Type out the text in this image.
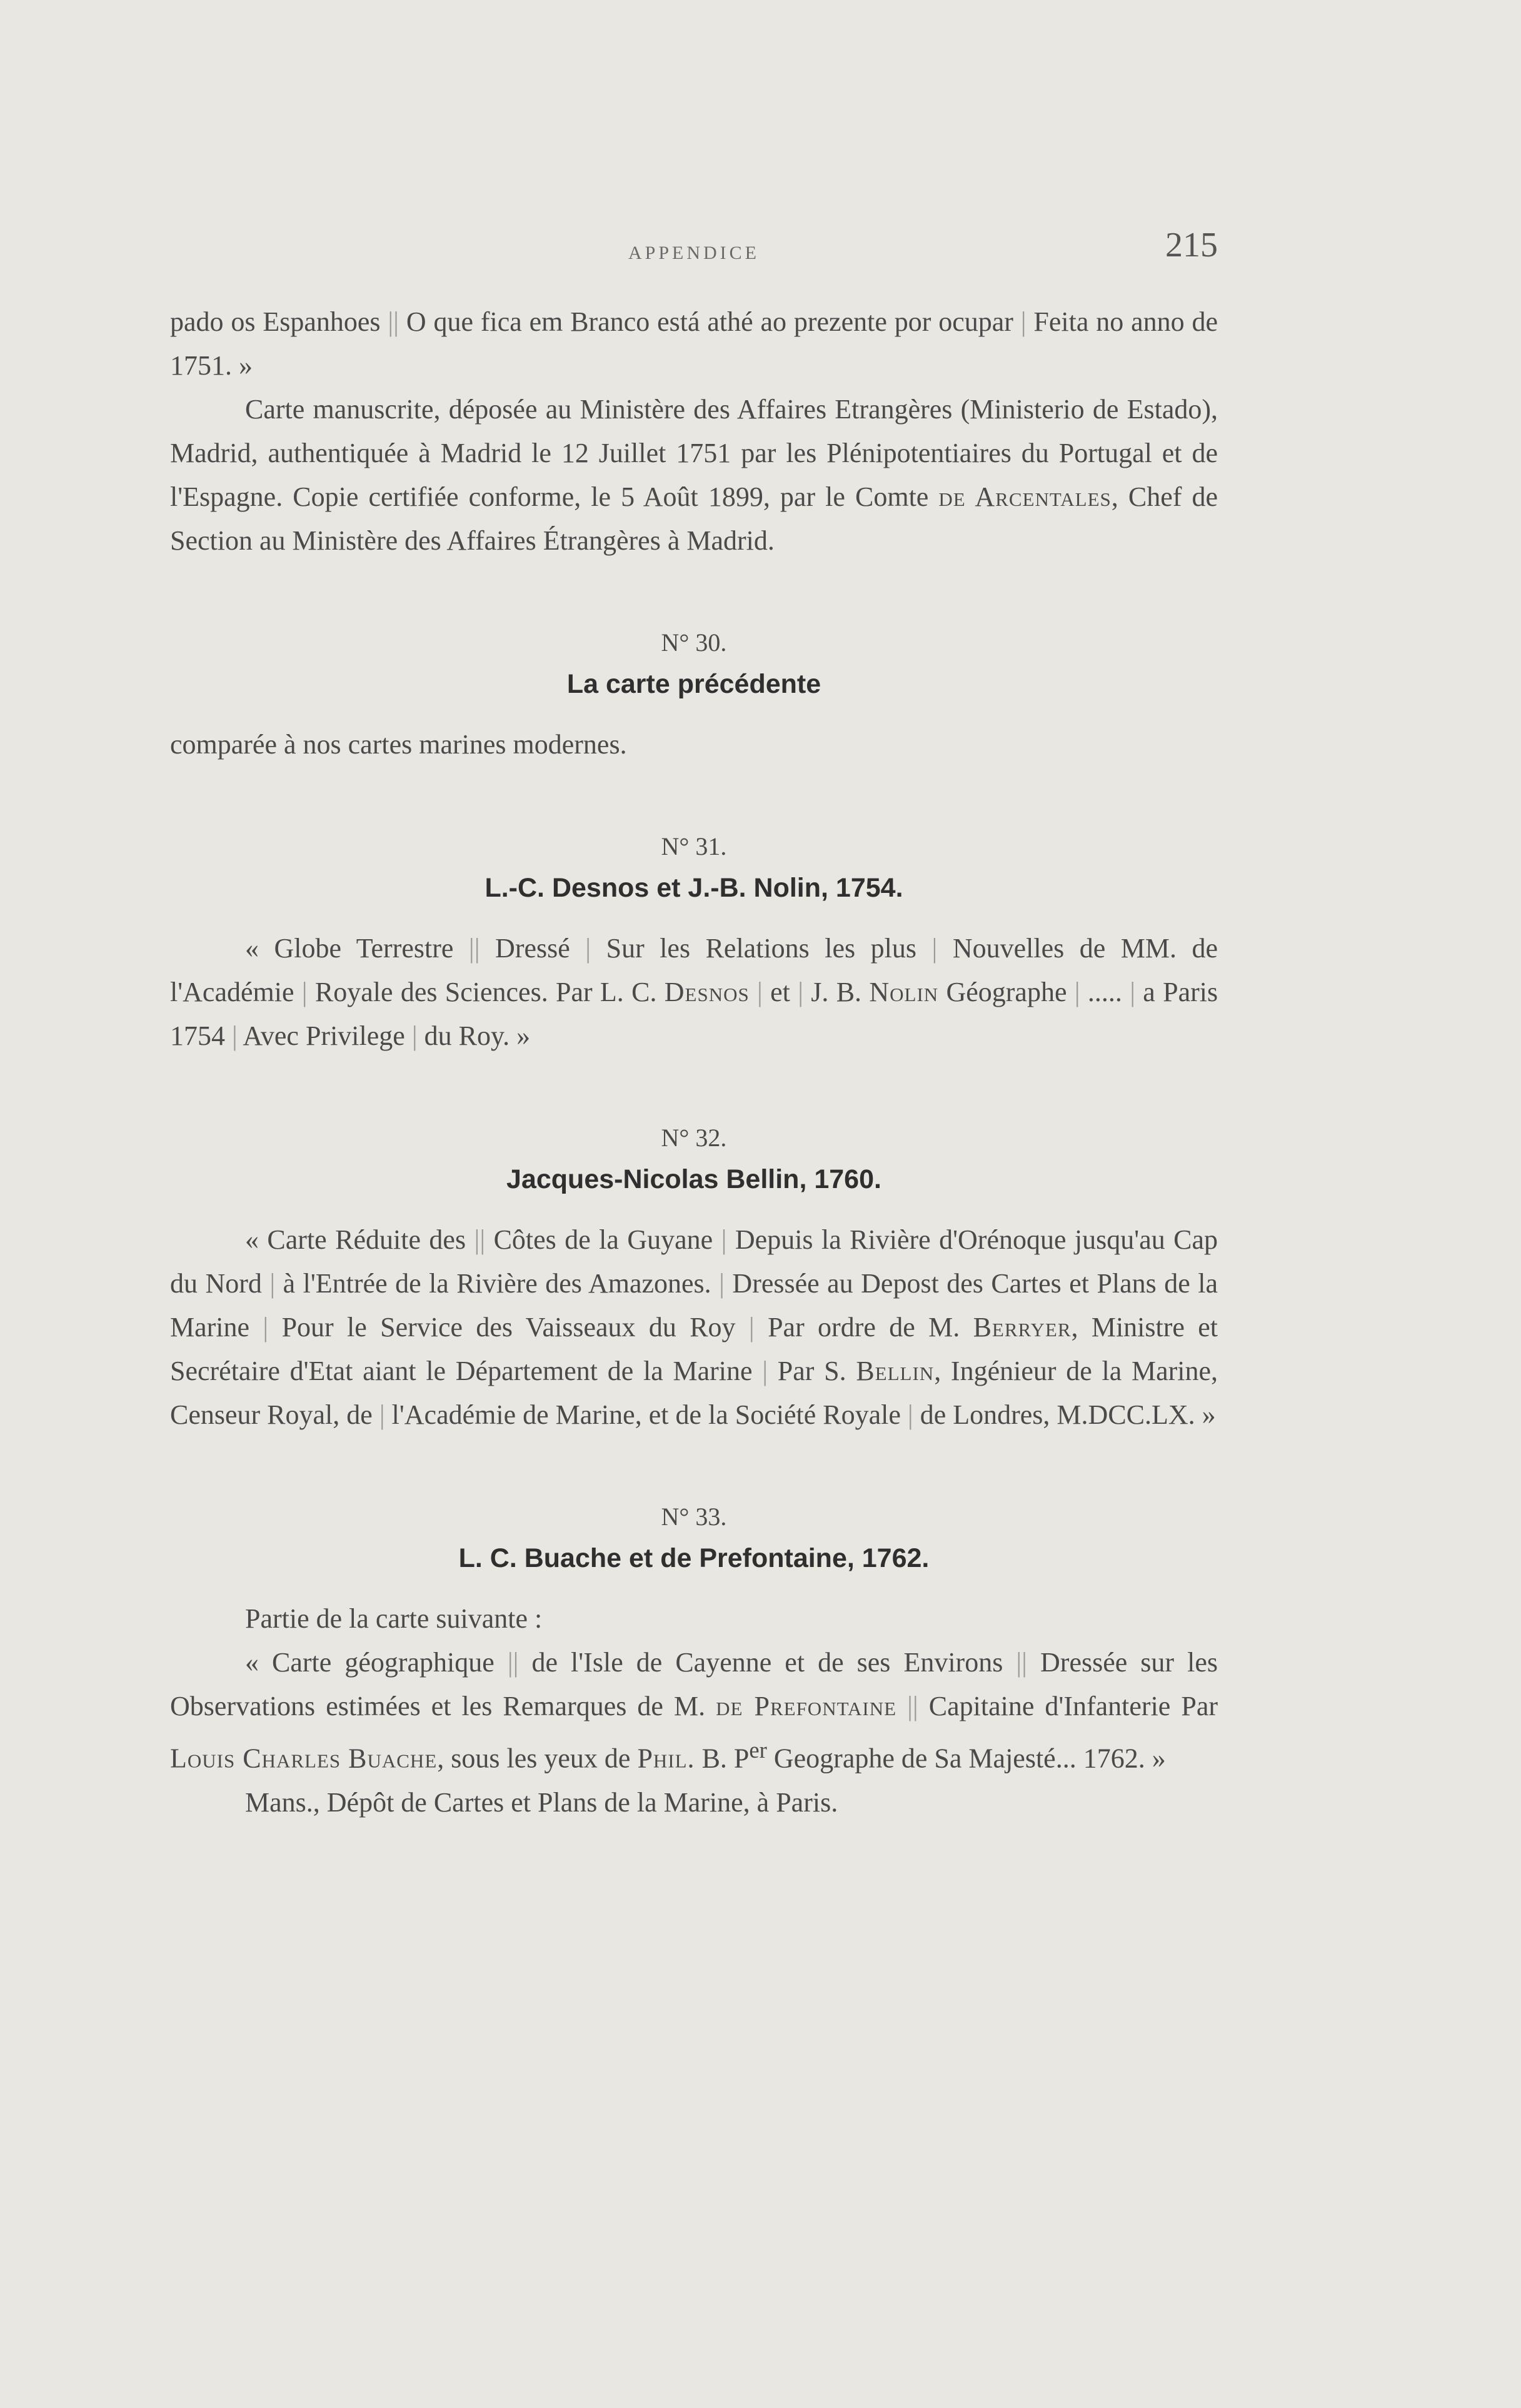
APPENDICE	215

pado os Espanhoes || O que fica em Branco está athé ao prezente por ocupar | Feita no anno de 1751. »

Carte manuscrite, déposée au Ministère des Affaires Etrangères (Ministerio de Estado), Madrid, authentiquée à Madrid le 12 Juillet 1751 par les Plénipotentiaires du Portugal et de l'Espagne. Copie certifiée conforme, le 5 Août 1899, par le Comte de Arcentales, Chef de Section au Ministère des Affaires Étrangères à Madrid.

N° 30.
La carte précédente

comparée à nos cartes marines modernes.

N° 31.
L.-C. Desnos et J.-B. Nolin, 1754.

« Globe Terrestre || Dressé | Sur les Relations les plus | Nouvelles de MM. de l'Académie | Royale des Sciences. Par L. C. Desnos | et | J. B. Nolin Géographe | ..... | a Paris 1754 | Avec Privilege | du Roy. »

N° 32.
Jacques-Nicolas Bellin, 1760.

« Carte Réduite des || Côtes de la Guyane | Depuis la Rivière d'Orénoque jusqu'au Cap du Nord | à l'Entrée de la Rivière des Amazones. | Dressée au Depost des Cartes et Plans de la Marine | Pour le Service des Vaisseaux du Roy | Par ordre de M. Berryer, Ministre et Secrétaire d'Etat aiant le Département de la Marine | Par S. Bellin, Ingénieur de la Marine, Censeur Royal, de | l'Académie de Marine, et de la Société Royale | de Londres, M.DCC.LX. »

N° 33.
L. C. Buache et de Prefontaine, 1762.

Partie de la carte suivante :

« Carte géographique || de l'Isle de Cayenne et de ses Environs || Dressée sur les Observations estimées et les Remarques de M. de Prefontaine || Capitaine d'Infanterie Par Louis Charles Buache, sous les yeux de Phil. B. $P^{er}$ Geographe de Sa Majesté... 1762. »

Mans., Dépôt de Cartes et Plans de la Marine, à Paris.
